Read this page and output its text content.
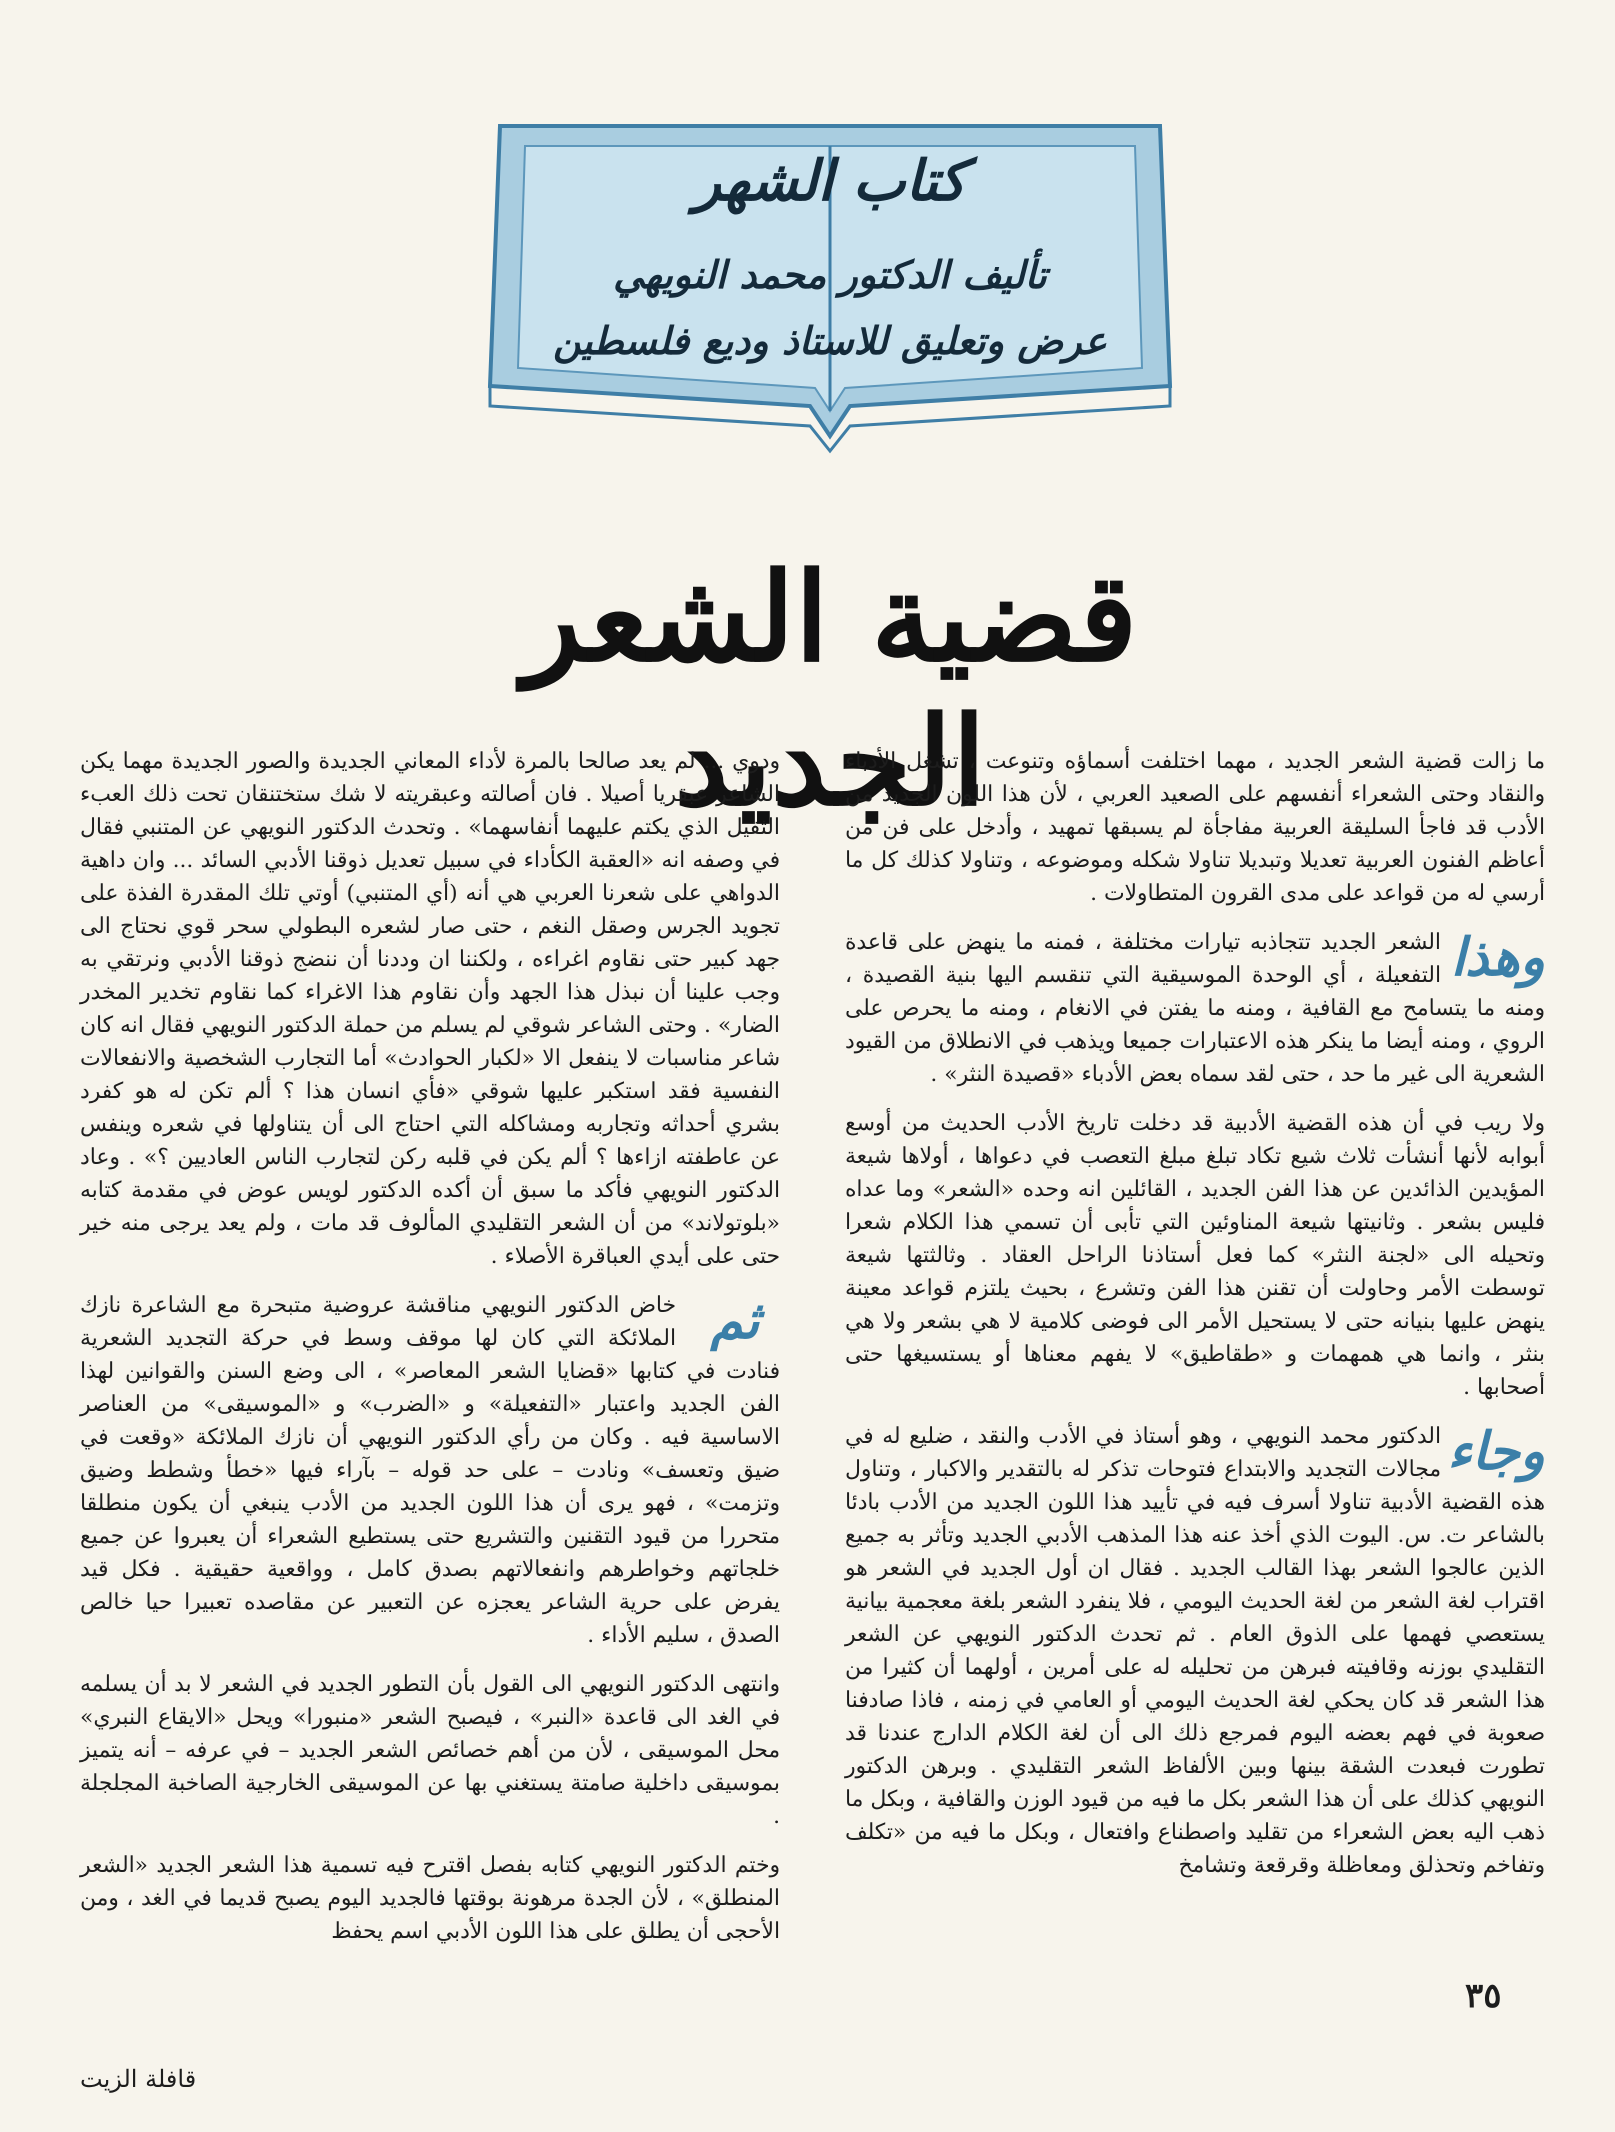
كتاب الشهر
تأليف الدكتور محمد النويهي
عرض وتعليق للاستاذ وديع فلسطين
قضية الشعر الجديد

ما زالت قضية الشعر الجديد ، مهما اختلفت أسماؤه وتنوعت ، تشغل الأدباء والنقاد وحتى الشعراء أنفسهم على الصعيد العربي ، لأن هذا اللون الجديد من الأدب قد فاجأ السليقة العربية مفاجأة لم يسبقها تمهيد ، وأدخل على فن من أعاظم الفنون العربية تعديلا وتبديلا تناولا شكله وموضوعه ، وتناولا كذلك كل ما أرسي له من قواعد على مدى القرون المتطاولات .

وهذا
الشعر الجديد تتجاذبه تيارات مختلفة ، فمنه ما ينهض على قاعدة التفعيلة ، أي الوحدة الموسيقية التي تنقسم اليها بنية القصيدة ، ومنه ما يتسامح مع القافية ، ومنه ما يفتن في الانغام ، ومنه ما يحرص على الروي ، ومنه أيضا ما ينكر هذه الاعتبارات جميعا ويذهب في الانطلاق من القيود الشعرية الى غير ما حد ، حتى لقد سماه بعض الأدباء «قصيدة النثر» .

ولا ريب في أن هذه القضية الأدبية قد دخلت تاريخ الأدب الحديث من أوسع أبوابه لأنها أنشأت ثلاث شيع تكاد تبلغ مبلغ التعصب في دعواها ، أولاها شيعة المؤيدين الذائدين عن هذا الفن الجديد ، القائلين انه وحده «الشعر» وما عداه فليس بشعر . وثانيتها شيعة المناوئين التي تأبى أن تسمي هذا الكلام شعرا وتحيله الى «لجنة النثر» كما فعل أستاذنا الراحل العقاد . وثالثتها شيعة توسطت الأمر وحاولت أن تقنن هذا الفن وتشرع ، بحيث يلتزم قواعد معينة ينهض عليها بنيانه حتى لا يستحيل الأمر الى فوضى كلامية لا هي بشعر ولا هي بنثر ، وانما هي همهمات و «طقاطيق» لا يفهم معناها أو يستسيغها حتى أصحابها .

وجاء
الدكتور محمد النويهي ، وهو أستاذ في الأدب والنقد ، ضليع له في مجالات التجديد والابتداع فتوحات تذكر له بالتقدير والاكبار ، وتناول هذه القضية الأدبية تناولا أسرف فيه في تأييد هذا اللون الجديد من الأدب بادئا بالشاعر ت. س. اليوت الذي أخذ عنه هذا المذهب الأدبي الجديد وتأثر به جميع الذين عالجوا الشعر بهذا القالب الجديد . فقال ان أول الجديد في الشعر هو اقتراب لغة الشعر من لغة الحديث اليومي ، فلا ينفرد الشعر بلغة معجمية بيانية يستعصي فهمها على الذوق العام . ثم تحدث الدكتور النويهي عن الشعر التقليدي بوزنه وقافيته فبرهن من تحليله له على أمرين ، أولهما أن كثيرا من هذا الشعر قد كان يحكي لغة الحديث اليومي أو العامي في زمنه ، فاذا صادفنا صعوبة في فهم بعضه اليوم فمرجع ذلك الى أن لغة الكلام الدارج عندنا قد تطورت فبعدت الشقة بينها وبين الألفاظ الشعر التقليدي . وبرهن الدكتور النويهي كذلك على أن هذا الشعر بكل ما فيه من قيود الوزن والقافية ، وبكل ما ذهب اليه بعض الشعراء من تقليد واصطناع وافتعال ، وبكل ما فيه من «تكلف وتفاخم وتحذلق ومعاظلة وقرقعة وتشامخ

ودوي ... لم يعد صالحا بالمرة لأداء المعاني الجديدة والصور الجديدة مهما يكن الشاعر عبقريا أصيلا . فان أصالته وعبقريته لا شك ستختنقان تحت ذلك العبء الثقيل الذي يكتم عليهما أنفاسهما» . وتحدث الدكتور النويهي عن المتنبي فقال في وصفه انه «العقبة الكأداء في سبيل تعديل ذوقنا الأدبي السائد ... وان داهية الدواهي على شعرنا العربي هي أنه (أي المتنبي) أوتي تلك المقدرة الفذة على تجويد الجرس وصقل النغم ، حتى صار لشعره البطولي سحر قوي نحتاج الى جهد كبير حتى نقاوم اغراءه ، ولكننا ان وددنا أن ننضج ذوقنا الأدبي ونرتقي به وجب علينا أن نبذل هذا الجهد وأن نقاوم هذا الاغراء كما نقاوم تخدير المخدر الضار» . وحتى الشاعر شوقي لم يسلم من حملة الدكتور النويهي فقال انه كان شاعر مناسبات لا ينفعل الا «لكبار الحوادث» أما التجارب الشخصية والانفعالات النفسية فقد استكبر عليها شوقي «فأي انسان هذا ؟ ألم تكن له هو كفرد بشري أحداثه وتجاربه ومشاكله التي احتاج الى أن يتناولها في شعره وينفس عن عاطفته ازاءها ؟ ألم يكن في قلبه ركن لتجارب الناس العاديين ؟» . وعاد الدكتور النويهي فأكد ما سبق أن أكده الدكتور لويس عوض في مقدمة كتابه «بلوتولاند» من أن الشعر التقليدي المألوف قد مات ، ولم يعد يرجى منه خير حتى على أيدي العباقرة الأصلاء .

ثم
خاض الدكتور النويهي مناقشة عروضية متبحرة مع الشاعرة نازك الملائكة التي كان لها موقف وسط في حركة التجديد الشعرية فنادت في كتابها «قضايا الشعر المعاصر» ، الى وضع السنن والقوانين لهذا الفن الجديد واعتبار «التفعيلة» و «الضرب» و «الموسيقى» من العناصر الاساسية فيه . وكان من رأي الدكتور النويهي أن نازك الملائكة «وقعت في ضيق وتعسف» ونادت – على حد قوله – بآراء فيها «خطأ وشطط وضيق وتزمت» ، فهو يرى أن هذا اللون الجديد من الأدب ينبغي أن يكون منطلقا متحررا من قيود التقنين والتشريع حتى يستطيع الشعراء أن يعبروا عن جميع خلجاتهم وخواطرهم وانفعالاتهم بصدق كامل ، وواقعية حقيقية . فكل قيد يفرض على حرية الشاعر يعجزه عن التعبير عن مقاصده تعبيرا حيا خالص الصدق ، سليم الأداء .

وانتهى الدكتور النويهي الى القول بأن التطور الجديد في الشعر لا بد أن يسلمه في الغد الى قاعدة «النبر» ، فيصبح الشعر «منبورا» ويحل «الايقاع النبري» محل الموسيقى ، لأن من أهم خصائص الشعر الجديد – في عرفه – أنه يتميز بموسيقى داخلية صامتة يستغني بها عن الموسيقى الخارجية الصاخبة المجلجلة .

وختم الدكتور النويهي كتابه بفصل اقترح فيه تسمية هذا الشعر الجديد «الشعر المنطلق» ، لأن الجدة مرهونة بوقتها فالجديد اليوم يصبح قديما في الغد ، ومن الأحجى أن يطلق على هذا اللون الأدبي اسم يحفظ

٣٥
قافلة الزيت
